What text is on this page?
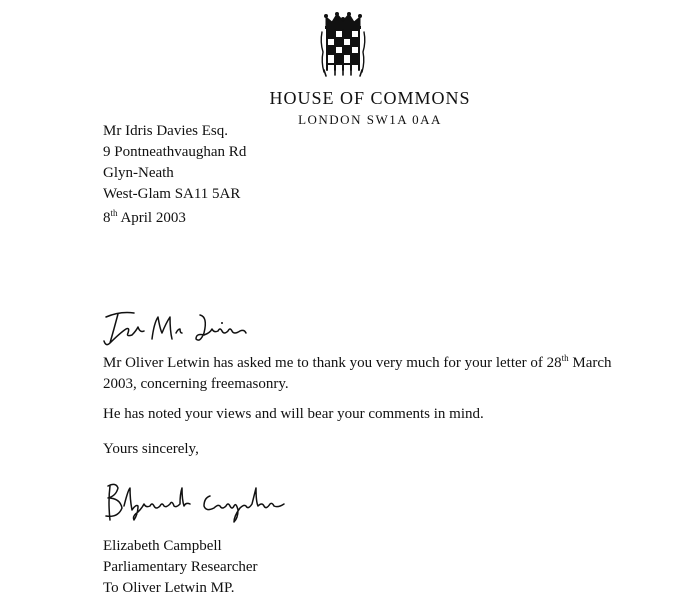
HOUSE OF COMMONS
LONDON SW1A 0AA
Mr Idris Davies Esq.
9 Pontneathvaughan Rd
Glyn-Neath
West-Glam SA11 5AR
8th April 2003
Mr Oliver Letwin has asked me to thank you very much for your letter of 28th March 2003, concerning freemasonry.
He has noted your views and will bear your comments in mind.
Yours sincerely,
Elizabeth Campbell
Parliamentary Researcher
To Oliver Letwin MP.
